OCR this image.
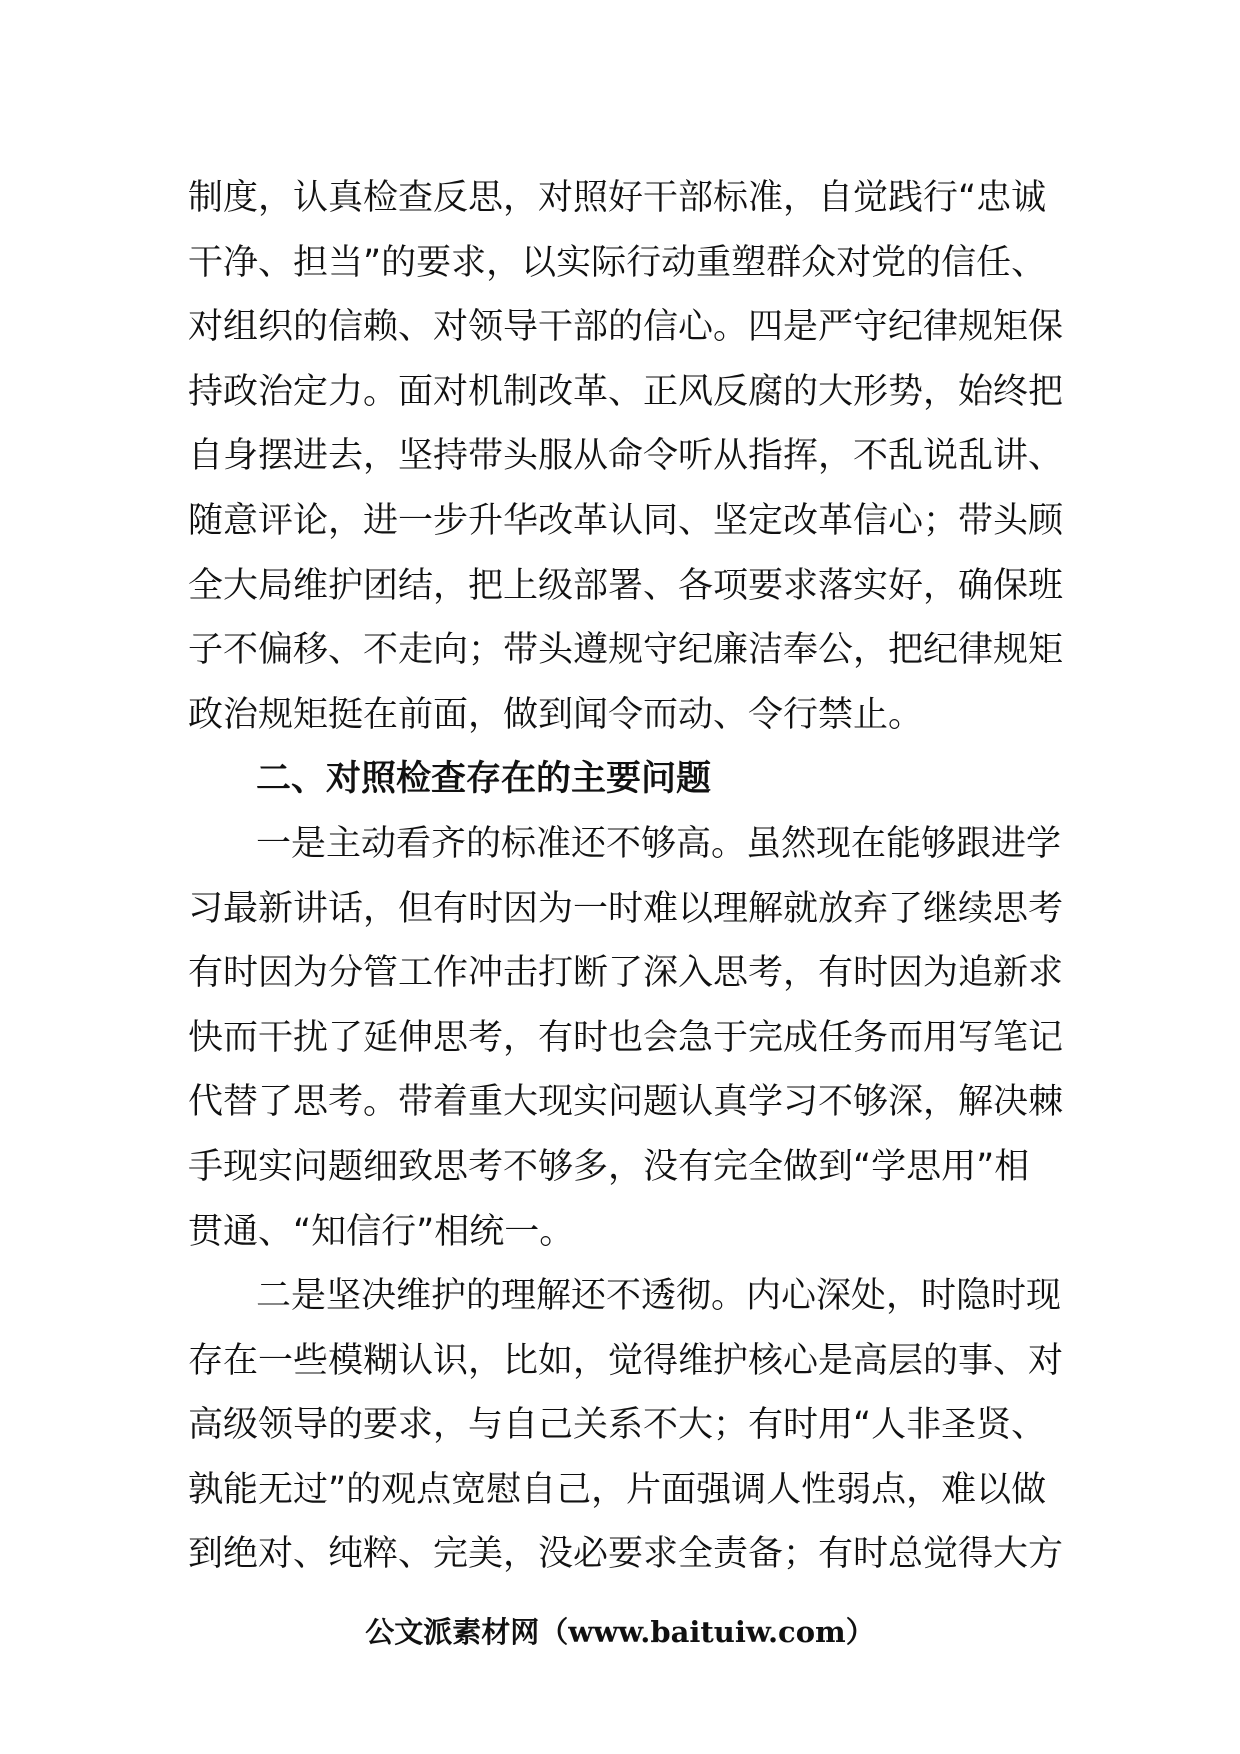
制度，认真检查反思，对照好干部标准，自觉践行“忠诚
干净、担当”的要求，以实际行动重塑群众对党的信任、
对组织的信赖、对领导干部的信心。四是严守纪律规矩保
持政治定力。面对机制改革、正风反腐的大形势，始终把
自身摆进去，坚持带头服从命令听从指挥，不乱说乱讲、
随意评论，进一步升华改革认同、坚定改革信心；带头顾
全大局维护团结，把上级部署、各项要求落实好，确保班
子不偏移、不走向；带头遵规守纪廉洁奉公，把纪律规矩
政治规矩挺在前面，做到闻令而动、令行禁止。
二、对照检查存在的主要问题
一是主动看齐的标准还不够高。虽然现在能够跟进学
习最新讲话，但有时因为一时难以理解就放弃了继续思考
有时因为分管工作冲击打断了深入思考，有时因为追新求
快而干扰了延伸思考，有时也会急于完成任务而用写笔记
代替了思考。带着重大现实问题认真学习不够深，解决棘
手现实问题细致思考不够多，没有完全做到“学思用”相
贯通、“知信行”相统一。
二是坚决维护的理解还不透彻。内心深处，时隐时现
存在一些模糊认识，比如，觉得维护核心是高层的事、对
高级领导的要求，与自己关系不大；有时用“人非圣贤、
孰能无过”的观点宽慰自己，片面强调人性弱点，难以做
到绝对、纯粹、完美，没必要求全责备；有时总觉得大方
公文派素材网（www.baituiw.com）
